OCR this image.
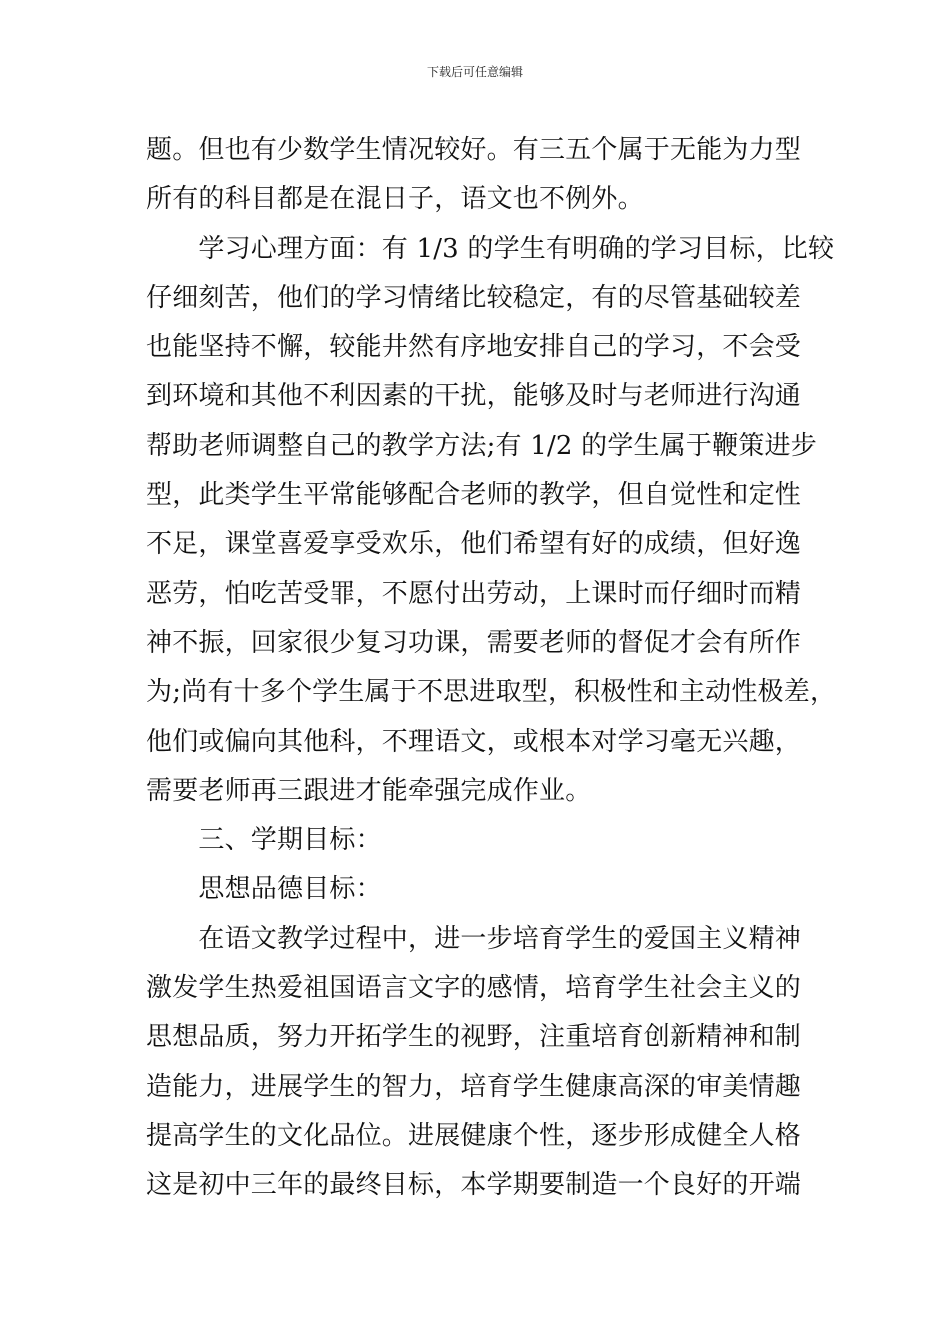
下载后可任意编辑
题。但也有少数学生情况较好。有三五个属于无能为力型
所有的科目都是在混日子，语文也不例外。
　　学习心理方面：有 1/3 的学生有明确的学习目标，比较
仔细刻苦，他们的学习情绪比较稳定，有的尽管基础较差
也能坚持不懈，较能井然有序地安排自己的学习，不会受
到环境和其他不利因素的干扰，能够及时与老师进行沟通
帮助老师调整自己的教学方法;有 1/2 的学生属于鞭策进步
型，此类学生平常能够配合老师的教学，但自觉性和定性
不足，课堂喜爱享受欢乐，他们希望有好的成绩，但好逸
恶劳，怕吃苦受罪，不愿付出劳动，上课时而仔细时而精
神不振，回家很少复习功课，需要老师的督促才会有所作
为;尚有十多个学生属于不思进取型，积极性和主动性极差，
他们或偏向其他科，不理语文，或根本对学习毫无兴趣，
需要老师再三跟进才能牵强完成作业。
　　三、学期目标：
　　思想品德目标：
　　在语文教学过程中，进一步培育学生的爱国主义精神
激发学生热爱祖国语言文字的感情，培育学生社会主义的
思想品质，努力开拓学生的视野，注重培育创新精神和制
造能力，进展学生的智力，培育学生健康高深的审美情趣
提高学生的文化品位。进展健康个性，逐步形成健全人格
这是初中三年的最终目标，本学期要制造一个良好的开端
